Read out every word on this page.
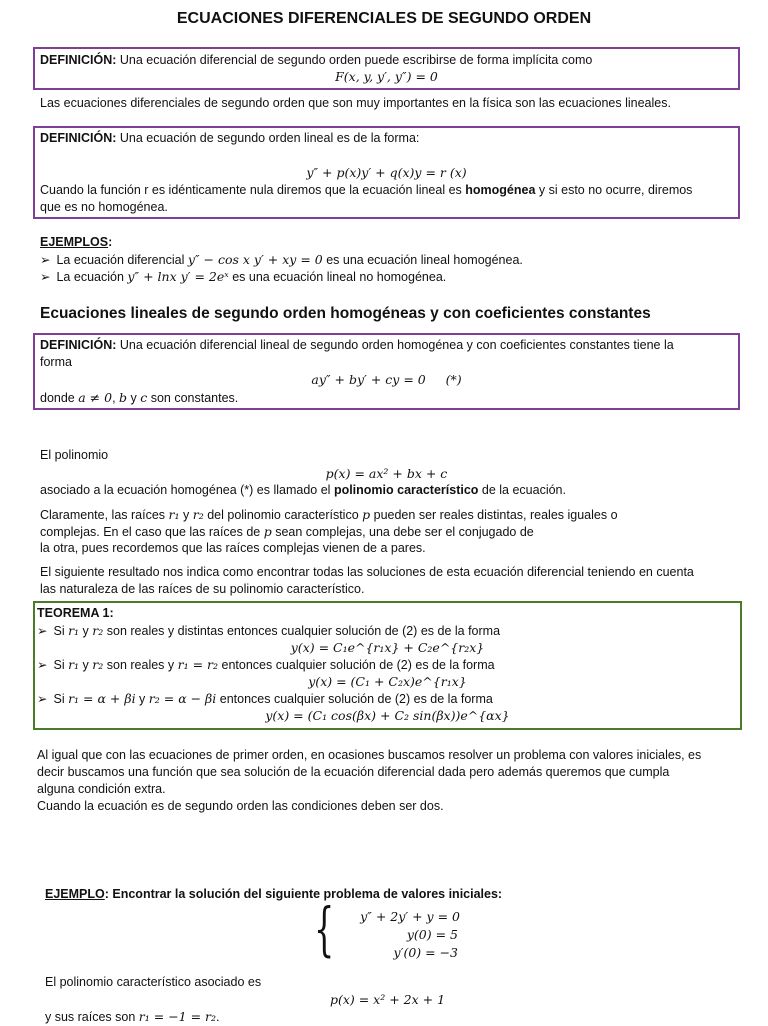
ECUACIONES DIFERENCIALES DE SEGUNDO ORDEN
DEFINICIÓN: Una ecuación diferencial de segundo orden puede escribirse de forma implícita como
F(x, y, y′, y″) = 0
Las ecuaciones diferenciales de segundo orden que son muy importantes en la física son las ecuaciones lineales.
DEFINICIÓN: Una ecuación de segundo orden lineal es de la forma:
y″ + p(x)y′ + q(x)y = r (x)
Cuando la función r es idénticamente nula diremos que la ecuación lineal es homogénea y si esto no ocurre, diremos
que es no homogénea.
EJEMPLOS:
➢ La ecuación diferencial y″ − cos x y′ + xy = 0 es una ecuación lineal homogénea.
➢ La ecuación y″ + lnx y′ = 2eˣ es una ecuación lineal no homogénea.
Ecuaciones lineales de segundo orden homogéneas y con coeficientes constantes
DEFINICIÓN: Una ecuación diferencial lineal de segundo orden homogénea y con coeficientes constantes tiene la
forma
ay″ + by′ + cy = 0     (*)
donde a ≠ 0, b y c son constantes.
El polinomio
p(x) = ax² + bx + c
asociado a la ecuación homogénea (*) es llamado el polinomio característico de la ecuación.
Claramente, las raíces r₁ y r₂ del polinomio característico p pueden ser reales distintas, reales iguales o
complejas. En el caso que las raíces de p sean complejas, una debe ser el conjugado de
la otra, pues recordemos que las raíces complejas vienen de a pares.
El siguiente resultado nos indica como encontrar todas las soluciones de esta ecuación diferencial teniendo en cuenta
las naturaleza de las raíces de su polinomio característico.
TEOREMA 1:
➢ Si r₁ y r₂ son reales y distintas entonces cualquier solución de (2) es de la forma
y(x) = C₁e^{r₁x} + C₂e^{r₂x}
➢ Si r₁ y r₂ son reales y r₁ = r₂ entonces cualquier solución de (2) es de la forma
y(x) = (C₁ + C₂x)e^{r₁x}
➢ Si r₁ = α + βi y r₂ = α − βi entonces cualquier solución de (2) es de la forma
y(x) = (C₁ cos(βx) + C₂ sin(βx))e^{αx}
Al igual que con las ecuaciones de primer orden, en ocasiones buscamos resolver un problema con valores iniciales, es
decir buscamos una función que sea solución de la ecuación diferencial dada pero además queremos que cumpla
alguna condición extra.
Cuando la ecuación es de segundo orden las condiciones deben ser dos.
EJEMPLO: Encontrar la solución del siguiente problema de valores iniciales:
{	y″ + 2y′ + y = 0
y(0) = 5
y′(0) = −3
El polinomio característico asociado es
p(x) = x² + 2x + 1
y sus raíces son r₁ = −1 = r₂.
